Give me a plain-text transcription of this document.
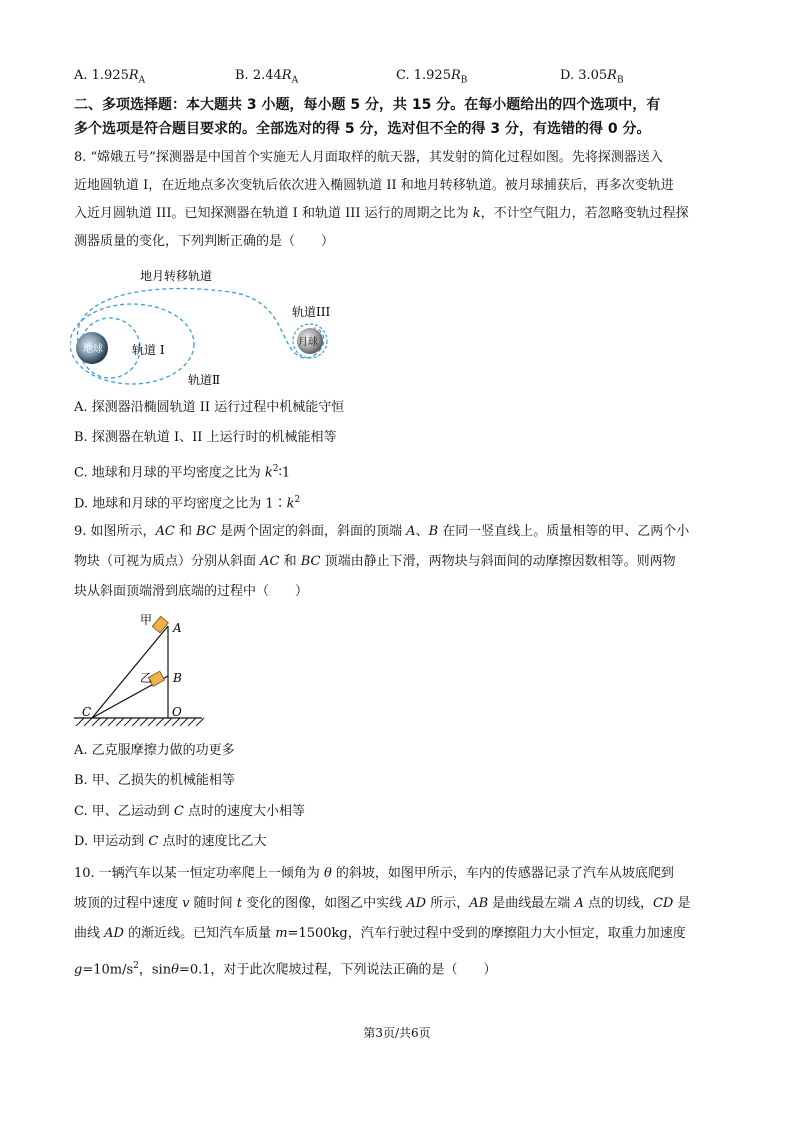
A. $1.925R_A$	B. $2.44R_A$	C. $1.925R_B$	D. $3.05R_B$
二、多项选择题：本大题共 3 小题，每小题 5 分，共 15 分。在每小题给出的四个选项中，有
多个选项是符合题目要求的。全部选对的得 5 分，选对但不全的得 3 分，有选错的得 0 分。
8. “嫦娥五号”探测器是中国首个实施无人月面取样的航天器，其发射的简化过程如图。先将探测器送入
近地圆轨道 I，在近地点多次变轨后依次进入椭圆轨道 II 和地月转移轨道。被月球捕获后，再多次变轨进
入近月圆轨道 III。已知探测器在轨道 I 和轨道 III 运行的周期之比为 k，不计空气阻力，若忽略变轨过程探
测器质量的变化，下列判断正确的是（　　）
地月转移轨道
地球 轨道 I
轨道Ⅱ
月球
轨道III
A. 探测器沿椭圆轨道 II 运行过程中机械能守恒
B. 探测器在轨道 I、II 上运行时的机械能相等
C. 地球和月球的平均密度之比为 $k^2∶1$
D. 地球和月球的平均密度之比为 $1∶k^2$
9. 如图所示，AC 和 BC 是两个固定的斜面，斜面的顶端 A、B 在同一竖直线上。质量相等的甲、乙两个小
物块（可视为质点）分别从斜面 AC 和 BC 顶端由静止下滑，两物块与斜面间的动摩擦因数相等。则两物
块从斜面顶端滑到底端的过程中（　　）
甲
A
乙 B
C	O
A. 乙克服摩擦力做的功更多
B. 甲、乙损失的机械能相等
C. 甲、乙运动到 C 点时的速度大小相等
D. 甲运动到 C 点时的速度比乙大
10. 一辆汽车以某一恒定功率爬上一倾角为 θ 的斜坡，如图甲所示，车内的传感器记录了汽车从坡底爬到
坡顶的过程中速度 v 随时间 t 变化的图像，如图乙中实线 AD 所示，AB 是曲线最左端 A 点的切线，CD 是
曲线 AD 的渐近线。已知汽车质量 m=1500kg，汽车行驶过程中受到的摩擦阻力大小恒定，取重力加速度
$g=10m/s^2$，sinθ=0.1，对于此次爬坡过程，下列说法正确的是（　　）
第3页/共6页
